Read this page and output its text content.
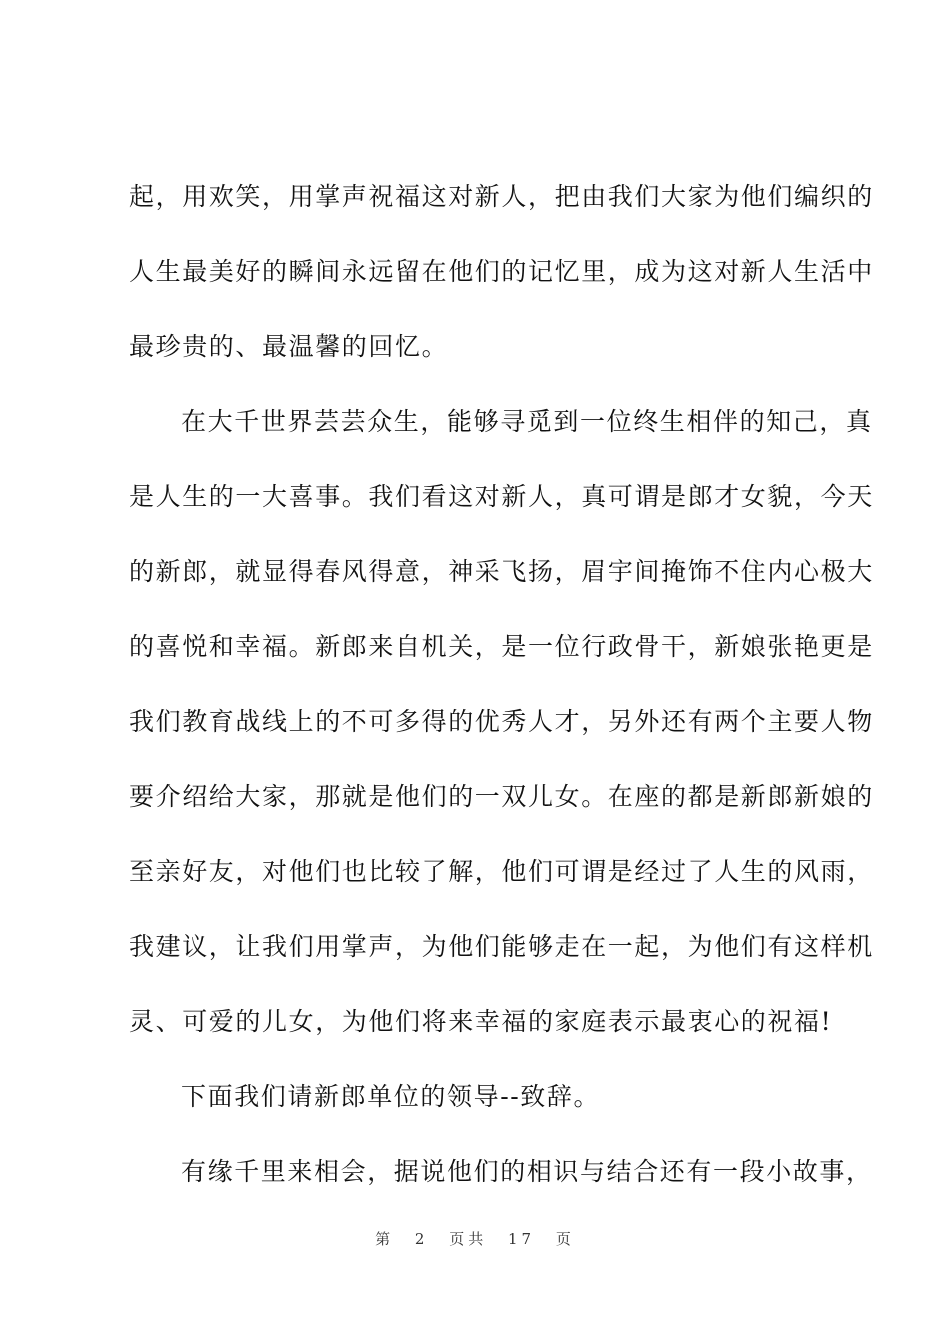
起，用欢笑，用掌声祝福这对新人，把由我们大家为他们编织的
人生最美好的瞬间永远留在他们的记忆里，成为这对新人生活中
最珍贵的、最温馨的回忆。
在大千世界芸芸众生，能够寻觅到一位终生相伴的知己，真
是人生的一大喜事。我们看这对新人，真可谓是郎才女貌，今天
的新郎，就显得春风得意，神采飞扬，眉宇间掩饰不住内心极大
的喜悦和幸福。新郎来自机关，是一位行政骨干，新娘张艳更是
我们教育战线上的不可多得的优秀人才，另外还有两个主要人物
要介绍给大家，那就是他们的一双儿女。在座的都是新郎新娘的
至亲好友，对他们也比较了解，他们可谓是经过了人生的风雨，
我建议，让我们用掌声，为他们能够走在一起，为他们有这样机
灵、可爱的儿女，为他们将来幸福的家庭表示最衷心的祝福!
下面我们请新郎单位的领导--致辞。
有缘千里来相会，据说他们的相识与结合还有一段小故事，
第 2 页共 17 页
